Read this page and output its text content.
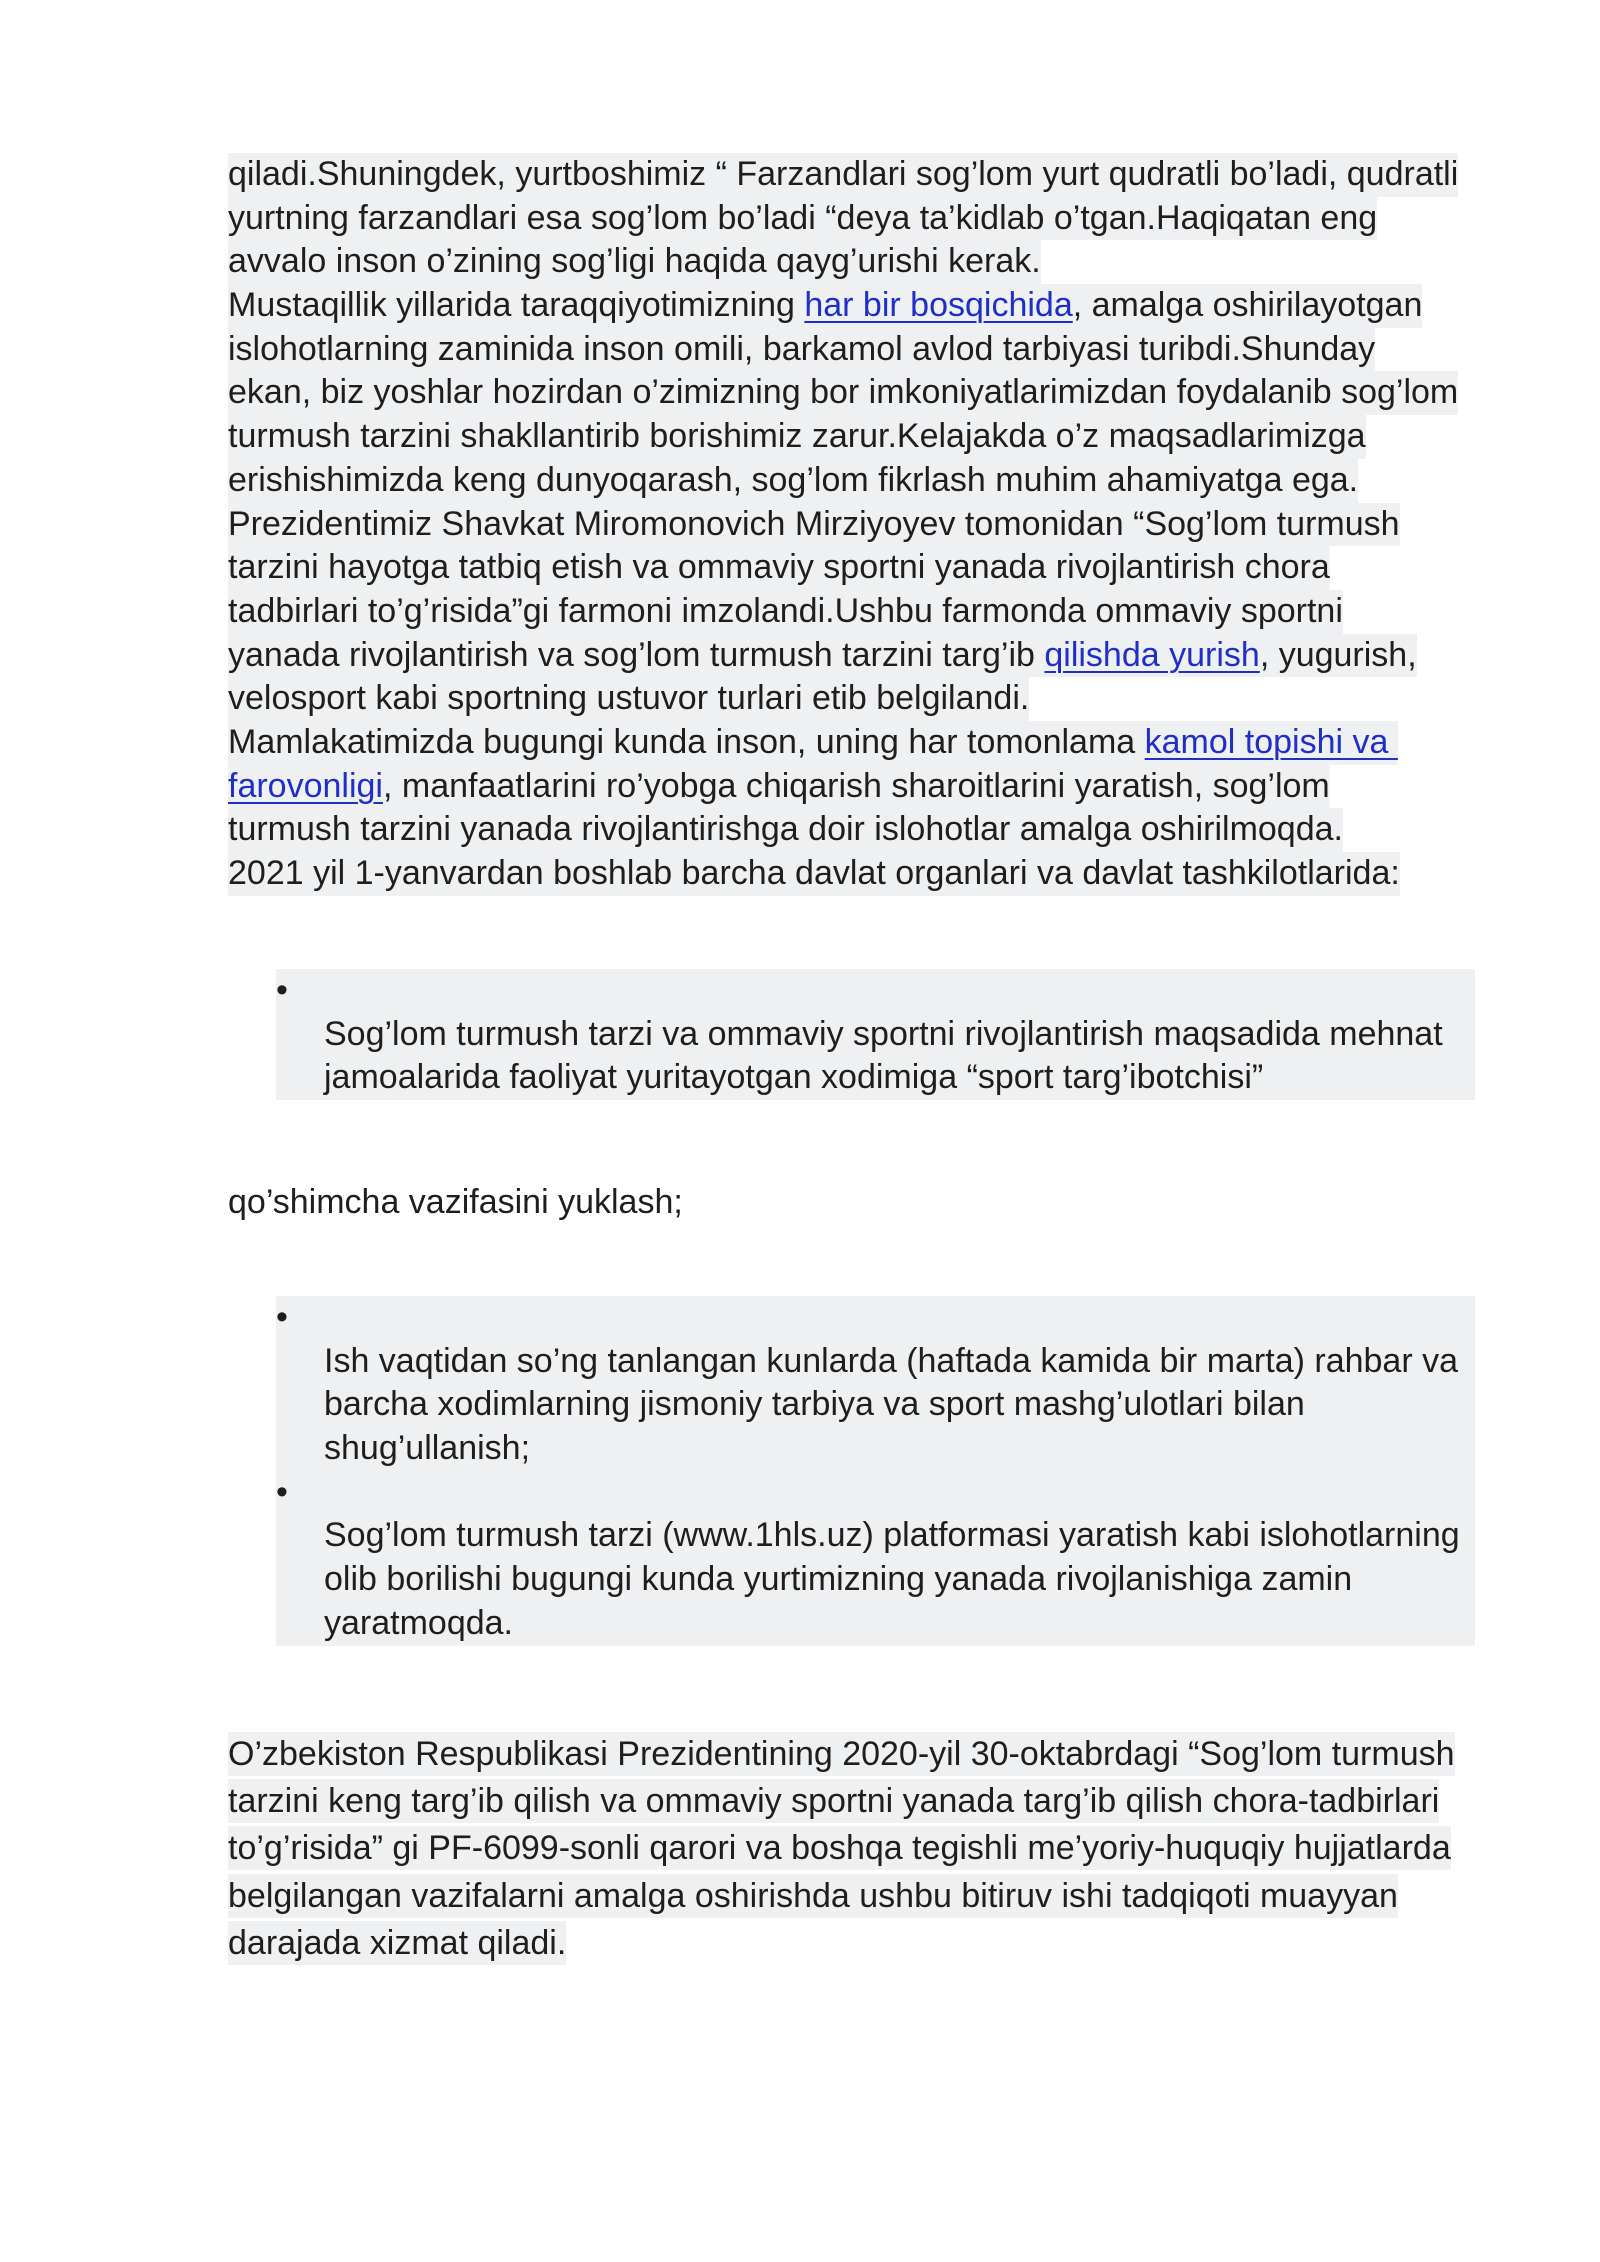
qiladi.Shuningdek, yurtboshimiz “ Farzandlari sog’lom yurt qudratli bo’ladi, qudratli
yurtning farzandlari esa sog’lom bo’ladi “deya ta’kidlab o’tgan.Haqiqatan eng
avvalo inson o’zining sog’ligi haqida qayg’urishi kerak.
Mustaqillik yillarida taraqqiyotimizning har bir bosqichida, amalga oshirilayotgan
islohotlarning zaminida inson omili, barkamol avlod tarbiyasi turibdi.Shunday
ekan, biz yoshlar hozirdan o’zimizning bor imkoniyatlarimizdan foydalanib sog’lom
turmush tarzini shakllantirib borishimiz zarur.Kelajakda o’z maqsadlarimizga
erishishimizda keng dunyoqarash, sog’lom fikrlash muhim ahamiyatga ega.
Prezidentimiz Shavkat Miromonovich Mirziyoyev tomonidan “Sog’lom turmush
tarzini hayotga tatbiq etish va ommaviy sportni yanada rivojlantirish chora
tadbirlari to’g’risida”gi farmoni imzolandi.Ushbu farmonda ommaviy sportni
yanada rivojlantirish va sog’lom turmush tarzini targ’ib qilishda yurish, yugurish,
velosport kabi sportning ustuvor turlari etib belgilandi.
Mamlakatimizda bugungi kunda inson, uning har tomonlama kamol topishi va
farovonligi, manfaatlarini ro’yobga chiqarish sharoitlarini yaratish, sog’lom
turmush tarzini yanada rivojlantirishga doir islohotlar amalga oshirilmoqda.
2021 yil 1-yanvardan boshlab barcha davlat organlari va davlat tashkilotlarida:
•
Sog’lom turmush tarzi va ommaviy sportni rivojlantirish maqsadida mehnat
jamoalarida faoliyat yuritayotgan xodimiga “sport targ’ibotchisi”
qo’shimcha vazifasini yuklash;
•
Ish vaqtidan so’ng tanlangan kunlarda (haftada kamida bir marta) rahbar va
barcha xodimlarning jismoniy tarbiya va sport mashg’ulotlari bilan
shug’ullanish;
•
Sog’lom turmush tarzi (www.1hls.uz) platformasi yaratish kabi islohotlarning
olib borilishi bugungi kunda yurtimizning yanada rivojlanishiga zamin
yaratmoqda.
O’zbekiston Respublikasi Prezidentining 2020-yil 30-oktabrdagi “Sog’lom turmush
tarzini keng targ’ib qilish va ommaviy sportni yanada targ’ib qilish chora-tadbirlari
to’g’risida” gi PF-6099-sonli qarori va boshqa tegishli me’yoriy-huquqiy hujjatlarda
belgilangan vazifalarni amalga oshirishda ushbu bitiruv ishi tadqiqoti muayyan
darajada xizmat qiladi.
